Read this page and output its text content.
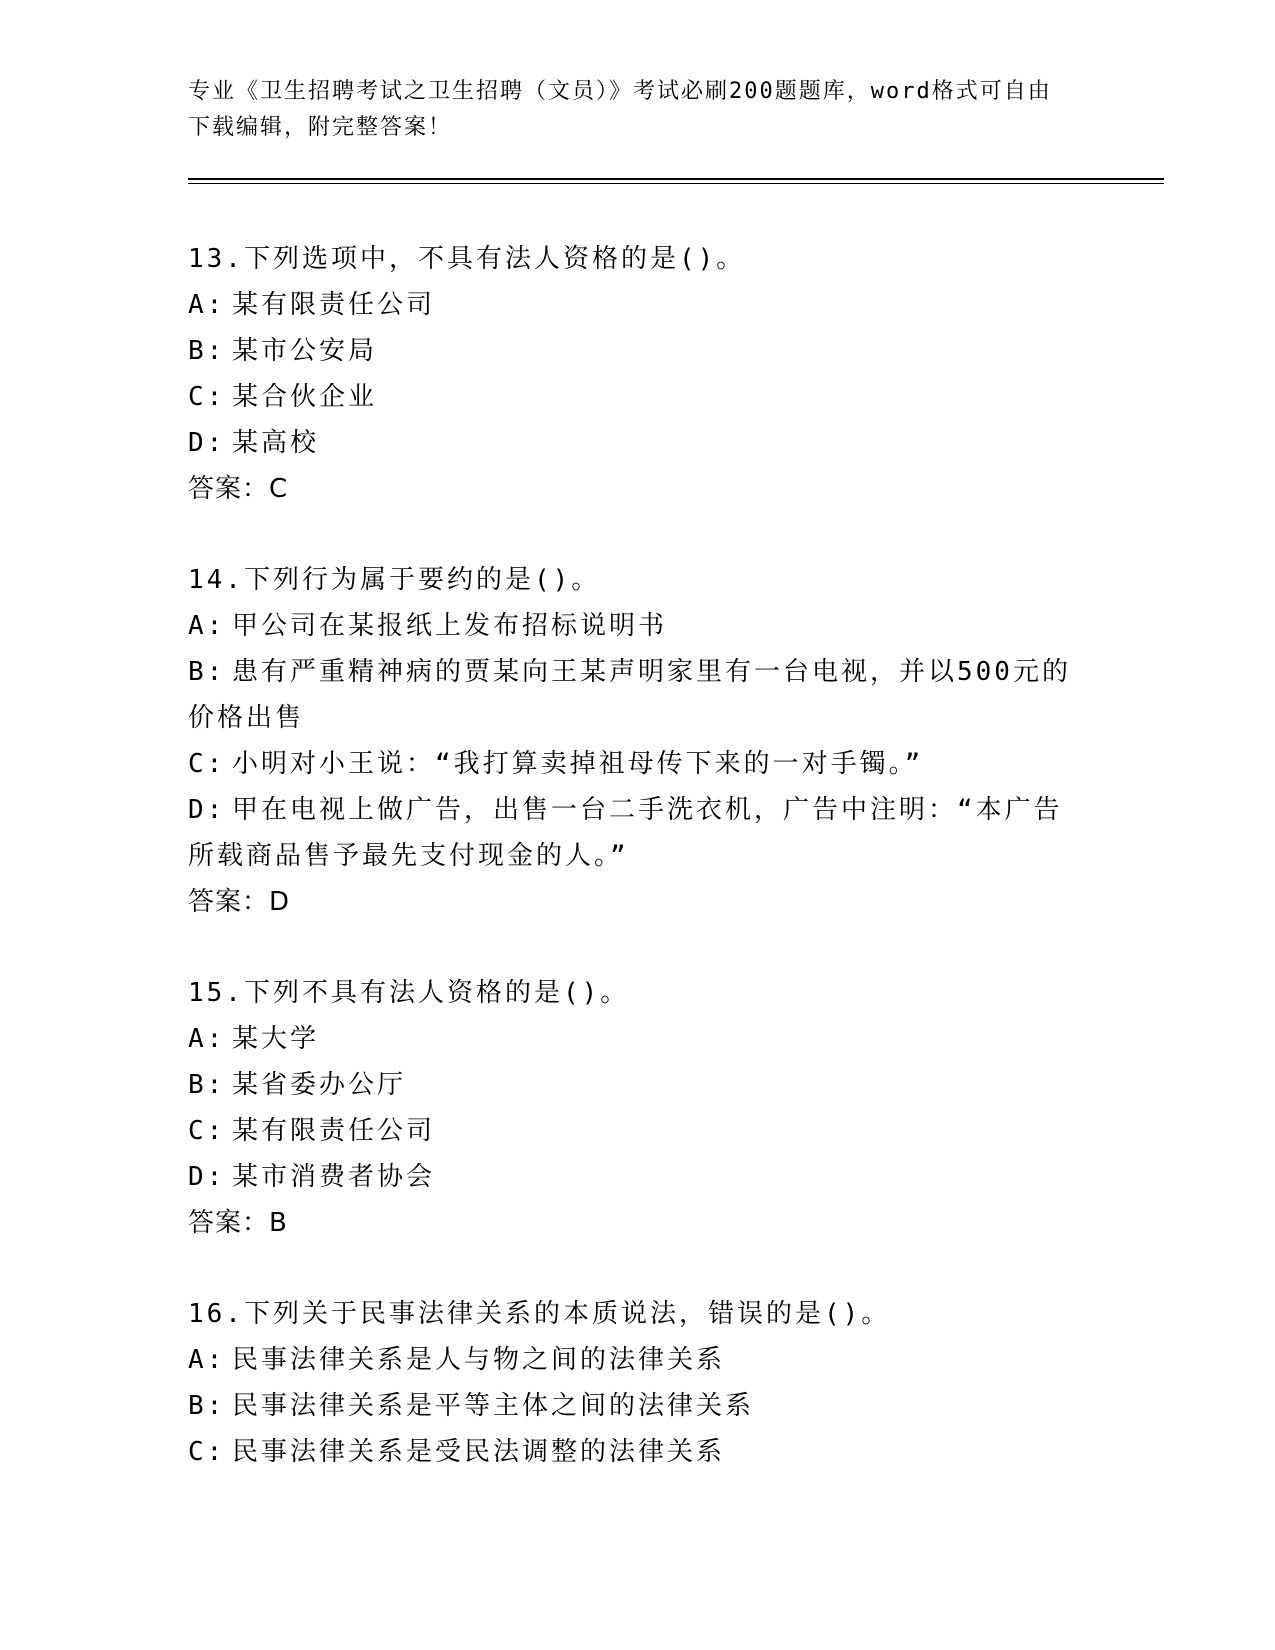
专业《卫生招聘考试之卫生招聘（文员）》考试必刷200题题库，word格式可自由下载编辑，附完整答案！
13.下列选项中，不具有法人资格的是()。
A: 某有限责任公司
B: 某市公安局
C: 某合伙企业
D: 某高校
答案：C
14.下列行为属于要约的是()。
A: 甲公司在某报纸上发布招标说明书
B: 患有严重精神病的贾某向王某声明家里有一台电视，并以500元的价格出售
C: 小明对小王说：“我打算卖掉祖母传下来的一对手镯。”
D: 甲在电视上做广告，出售一台二手洗衣机，广告中注明：“本广告所载商品售予最先支付现金的人。”
答案：D
15.下列不具有法人资格的是()。
A: 某大学
B: 某省委办公厅
C: 某有限责任公司
D: 某市消费者协会
答案：B
16.下列关于民事法律关系的本质说法，错误的是()。
A: 民事法律关系是人与物之间的法律关系
B: 民事法律关系是平等主体之间的法律关系
C: 民事法律关系是受民法调整的法律关系
